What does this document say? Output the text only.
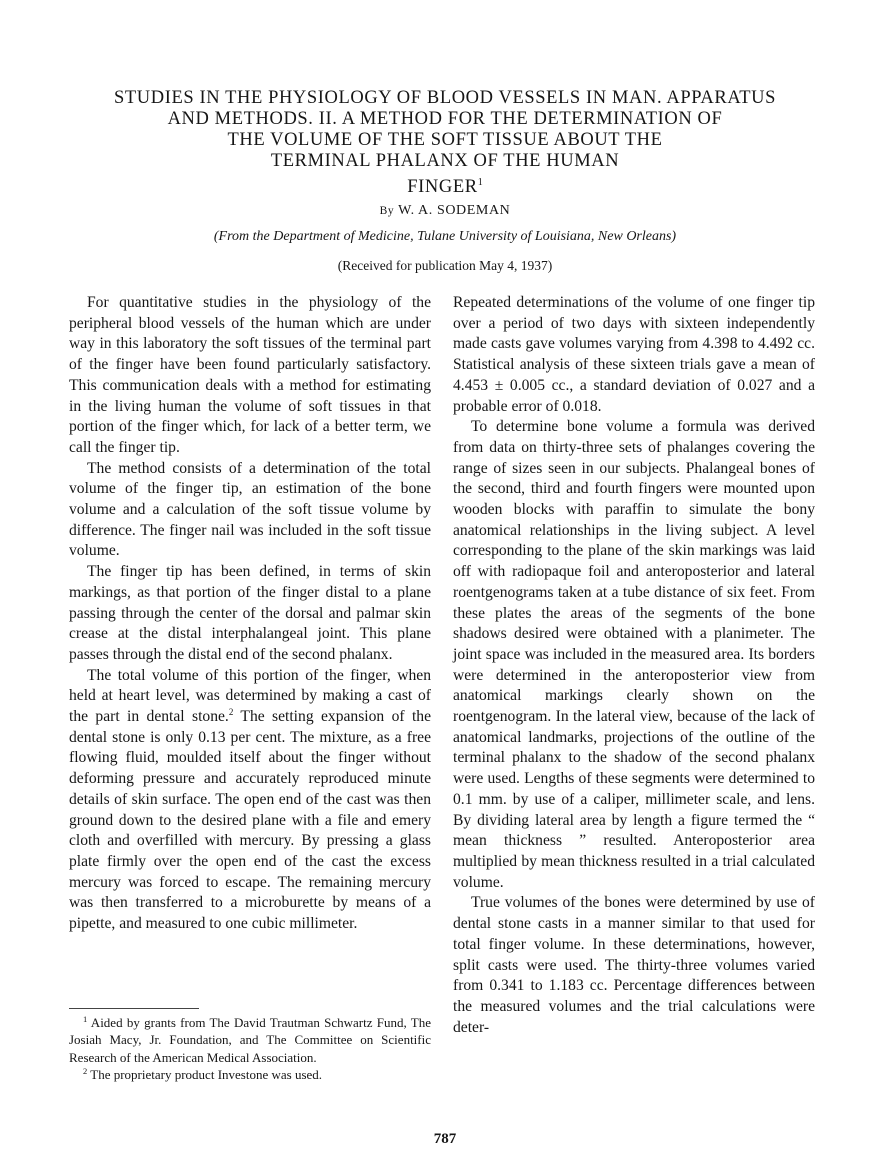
STUDIES IN THE PHYSIOLOGY OF BLOOD VESSELS IN MAN. APPARATUS
AND METHODS. II. A METHOD FOR THE DETERMINATION OF
THE VOLUME OF THE SOFT TISSUE ABOUT THE
TERMINAL PHALANX OF THE HUMAN
FINGER$^1$
By W. A. SODEMAN
(From the Department of Medicine, Tulane University of Louisiana, New Orleans)
(Received for publication May 4, 1937)

For quantitative studies in the physiology of the peripheral blood vessels of the human which are under way in this laboratory the soft tissues of the terminal part of the finger have been found particularly satisfactory. This communication deals with a method for estimating in the living human the volume of soft tissues in that portion of the finger which, for lack of a better term, we call the finger tip.

The method consists of a determination of the total volume of the finger tip, an estimation of the bone volume and a calculation of the soft tissue volume by difference. The finger nail was included in the soft tissue volume.

The finger tip has been defined, in terms of skin markings, as that portion of the finger distal to a plane passing through the center of the dorsal and palmar skin crease at the distal interphalangeal joint. This plane passes through the distal end of the second phalanx.

The total volume of this portion of the finger, when held at heart level, was determined by making a cast of the part in dental stone.$^2$ The setting expansion of the dental stone is only 0.13 per cent. The mixture, as a free flowing fluid, moulded itself about the finger without deforming pressure and accurately reproduced minute details of skin surface. The open end of the cast was then ground down to the desired plane with a file and emery cloth and overfilled with mercury. By pressing a glass plate firmly over the open end of the cast the excess mercury was forced to escape. The remaining mercury was then transferred to a microburette by means of a pipette, and measured to one cubic millimeter.

$^1$ Aided by grants from The David Trautman Schwartz Fund, The Josiah Macy, Jr. Foundation, and The Committee on Scientific Research of the American Medical Association.

$^2$ The proprietary product Investone was used.

Repeated determinations of the volume of one finger tip over a period of two days with sixteen independently made casts gave volumes varying from 4.398 to 4.492 cc. Statistical analysis of these sixteen trials gave a mean of 4.453 ± 0.005 cc., a standard deviation of 0.027 and a probable error of 0.018.

To determine bone volume a formula was derived from data on thirty-three sets of phalanges covering the range of sizes seen in our subjects. Phalangeal bones of the second, third and fourth fingers were mounted upon wooden blocks with paraffin to simulate the bony anatomical relationships in the living subject. A level corresponding to the plane of the skin markings was laid off with radiopaque foil and anteroposterior and lateral roentgenograms taken at a tube distance of six feet. From these plates the areas of the segments of the bone shadows desired were obtained with a planimeter. The joint space was included in the measured area. Its borders were determined in the anteroposterior view from anatomical markings clearly shown on the roentgenogram. In the lateral view, because of the lack of anatomical landmarks, projections of the outline of the terminal phalanx to the shadow of the second phalanx were used. Lengths of these segments were determined to 0.1 mm. by use of a caliper, millimeter scale, and lens. By dividing lateral area by length a figure termed the “ mean thickness ” resulted. Anteroposterior area multiplied by mean thickness resulted in a trial calculated volume.

True volumes of the bones were determined by use of dental stone casts in a manner similar to that used for total finger volume. In these determinations, however, split casts were used. The thirty-three volumes varied from 0.341 to 1.183 cc. Percentage differences between the measured volumes and the trial calculations were deter-

787
